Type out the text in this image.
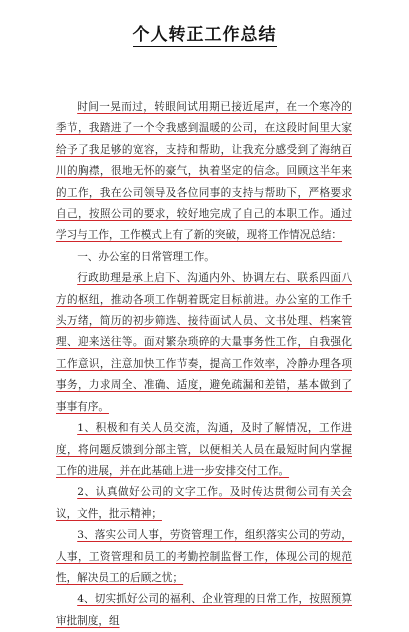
个人转正工作总结

时间一晃而过，转眼间试用期已接近尾声，在一个寒冷的季节，我踏进了一个令我感到温暖的公司，在这段时间里大家给予了我足够的宽容，支持和帮助，让我充分感受到了海纳百川的胸襟，很地无怀的豪气，执着坚定的信念。回顾这半年来的工作，我在公司领导及各位同事的支持与帮助下，严格要求自己，按照公司的要求，较好地完成了自己的本职工作。通过学习与工作，工作模式上有了新的突破，现将工作情况总结：

一、办公室的日常管理工作。

行政助理是承上启下、沟通内外、协调左右、联系四面八方的枢纽，推动各项工作朝着既定目标前进。办公室的工作千头万绪，简历的初步筛选、接待面试人员、文书处理、档案管理、迎来送往等。面对繁杂琐碎的大量事务性工作，自我强化工作意识，注意加快工作节奏，提高工作效率，冷静办理各项事务，力求周全、准确、适度，避免疏漏和差错，基本做到了事事有序。

1、积极和有关人员交流，沟通，及时了解情况，工作进度，将问题反馈到分部主管，以便相关人员在最短时间内掌握工作的进展，并在此基础上进一步安排交付工作。

2、认真做好公司的文字工作。及时传达贯彻公司有关会议，文件，批示精神；

3、落实公司人事，劳资管理工作，组织落实公司的劳动，人事，工资管理和员工的考勤控制监督工作，体现公司的规范性，解决员工的后顾之忧；

4、切实抓好公司的福利、企业管理的日常工作，按照预算审批制度，组
